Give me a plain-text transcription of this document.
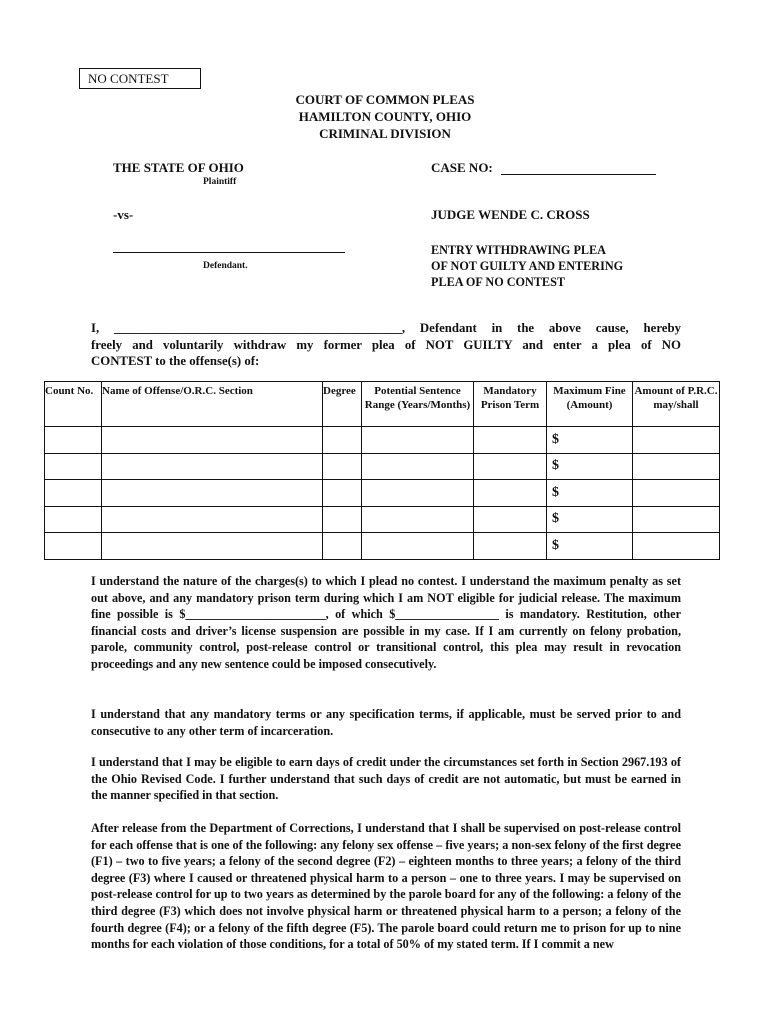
NO CONTEST
COURT OF COMMON PLEAS
HAMILTON COUNTY, OHIO
CRIMINAL DIVISION
THE STATE OF OHIO
Plaintiff
CASE NO:
-vs-	JUDGE WENDE C. CROSS
Defendant.
ENTRY WITHDRAWING PLEA
OF NOT GUILTY AND ENTERING
PLEA OF NO CONTEST
I, _____________________________________________, Defendant in the above cause, hereby
freely and voluntarily withdraw my former plea of NOT GUILTY and enter a plea of NO
CONTEST to the offense(s) of:
Count No.	Name of Offense/O.R.C. Section	Degree	Potential Sentence Range (Years/Months)	Mandatory Prison Term	Maximum Fine (Amount)	Amount of P.R.C. may/shall
					$	
					$	
					$	
					$	
					$	
I understand the nature of the charges(s) to which I plead no contest. I understand the maximum penalty as set out above, and any mandatory prison term during which I am NOT eligible for judicial release. The maximum fine possible is $_______________________, of which $_________________ is mandatory. Restitution, other financial costs and driver’s license suspension are possible in my case. If I am currently on felony probation, parole, community control, post-release control or transitional control, this plea may result in revocation proceedings and any new sentence could be imposed consecutively.
I understand that any mandatory terms or any specification terms, if applicable, must be served prior to and consecutive to any other term of incarceration.
I understand that I may be eligible to earn days of credit under the circumstances set forth in Section 2967.193 of the Ohio Revised Code. I further understand that such days of credit are not automatic, but must be earned in the manner specified in that section.
After release from the Department of Corrections, I understand that I shall be supervised on post-release control for each offense that is one of the following: any felony sex offense – five years; a non-sex felony of the first degree (F1) – two to five years; a felony of the second degree (F2) – eighteen months to three years; a felony of the third degree (F3) where I caused or threatened physical harm to a person – one to three years. I may be supervised on post-release control for up to two years as determined by the parole board for any of the following: a felony of the third degree (F3) which does not involve physical harm or threatened physical harm to a person; a felony of the fourth degree (F4); or a felony of the fifth degree (F5). The parole board could return me to prison for up to nine months for each violation of those conditions, for a total of 50% of my stated term. If I commit a new
